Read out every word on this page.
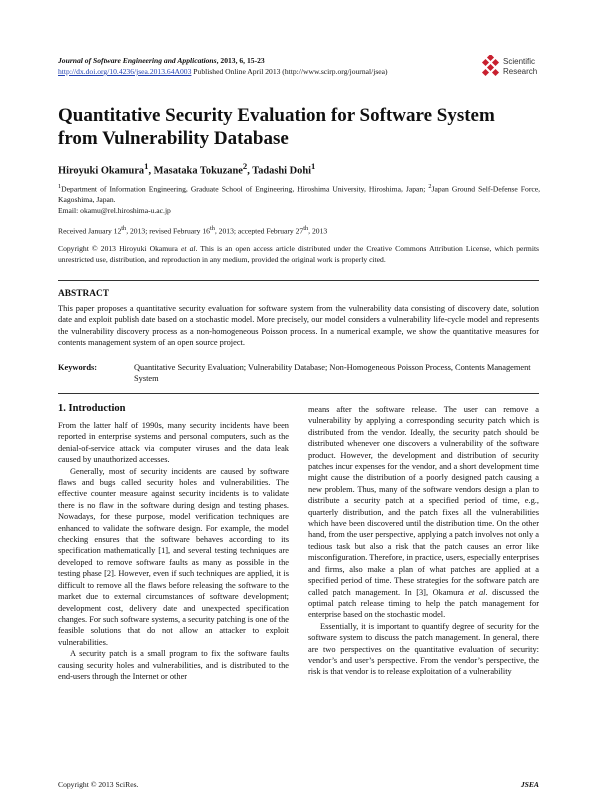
Journal of Software Engineering and Applications, 2013, 6, 15-23
http://dx.doi.org/10.4236/jsea.2013.64A003 Published Online April 2013 (http://www.scirp.org/journal/jsea)
Scientific
Research
Quantitative Security Evaluation for Software System from Vulnerability Database
Hiroyuki Okamura$^1$, Masataka Tokuzane$^2$, Tadashi Dohi$^1$
$^1$Department of Information Engineering, Graduate School of Engineering, Hiroshima University, Hiroshima, Japan; $^2$Japan Ground Self-Defense Force, Kagoshima, Japan.
Email: okamu@rel.hiroshima-u.ac.jp
Received January 12th, 2013; revised February 16th, 2013; accepted February 27th, 2013
Copyright © 2013 Hiroyuki Okamura et al. This is an open access article distributed under the Creative Commons Attribution License, which permits unrestricted use, distribution, and reproduction in any medium, provided the original work is properly cited.
ABSTRACT
This paper proposes a quantitative security evaluation for software system from the vulnerability data consisting of discovery date, solution date and exploit publish date based on a stochastic model. More precisely, our model considers a vulnerability life-cycle model and represents the vulnerability discovery process as a non-homogeneous Poisson process. In a numerical example, we show the quantitative measures for contents management system of an open source project.
Keywords:	Quantitative Security Evaluation; Vulnerability Database; Non-Homogeneous Poisson Process, Contents Management System
1. Introduction

From the latter half of 1990s, many security incidents have been reported in enterprise systems and personal computers, such as the denial-of-service attack via computer viruses and the data leak caused by unauthorized accesses.

Generally, most of security incidents are caused by software flaws and bugs called security holes and vulnerabilities. The effective counter measure against security incidents is to validate there is no flaw in the software during design and testing phases. Nowadays, for these purpose, model verification techniques are enhanced to validate the software design. For example, the model checking ensures that the software behaves according to its specification mathematically [1], and several testing techniques are developed to remove software faults as many as possible in the testing phase [2]. However, even if such techniques are applied, it is difficult to remove all the flaws before releasing the software to the market due to external circumstances of software development; development cost, delivery date and unexpected specification changes. For such software systems, a security patching is one of the feasible solutions that do not allow an attacker to exploit vulnerabilities.

A security patch is a small program to fix the software faults causing security holes and vulnerabilities, and is distributed to the end-users through the Internet or other

means after the software release. The user can remove a vulnerability by applying a corresponding security patch which is distributed from the vendor. Ideally, the security patch should be distributed whenever one discovers a vulnerability of the software product. However, the development and distribution of security patches incur expenses for the vendor, and a short development time might cause the distribution of a poorly designed patch causing a new problem. Thus, many of the software vendors design a plan to distribute a security patch at a specified period of time, e.g., quarterly distribution, and the patch fixes all the vulnerabilities which have been discovered until the distribution time. On the other hand, from the user perspective, applying a patch involves not only a tedious task but also a risk that the patch causes an error like misconfiguration. Therefore, in practice, users, especially enterprises and firms, also make a plan of what patches are applied at a specified period of time. These strategies for the software patch are called patch management. In [3], Okamura et al. discussed the optimal patch release timing to help the patch management for enterprise based on the stochastic model.

Essentially, it is important to quantify degree of security for the software system to discuss the patch management. In general, there are two perspectives on the quantitative evaluation of security: vendor’s and user’s perspective. From the vendor’s perspective, the risk is that vendor is to release exploitation of a vulnerability

Copyright © 2013 SciRes.	JSEA
